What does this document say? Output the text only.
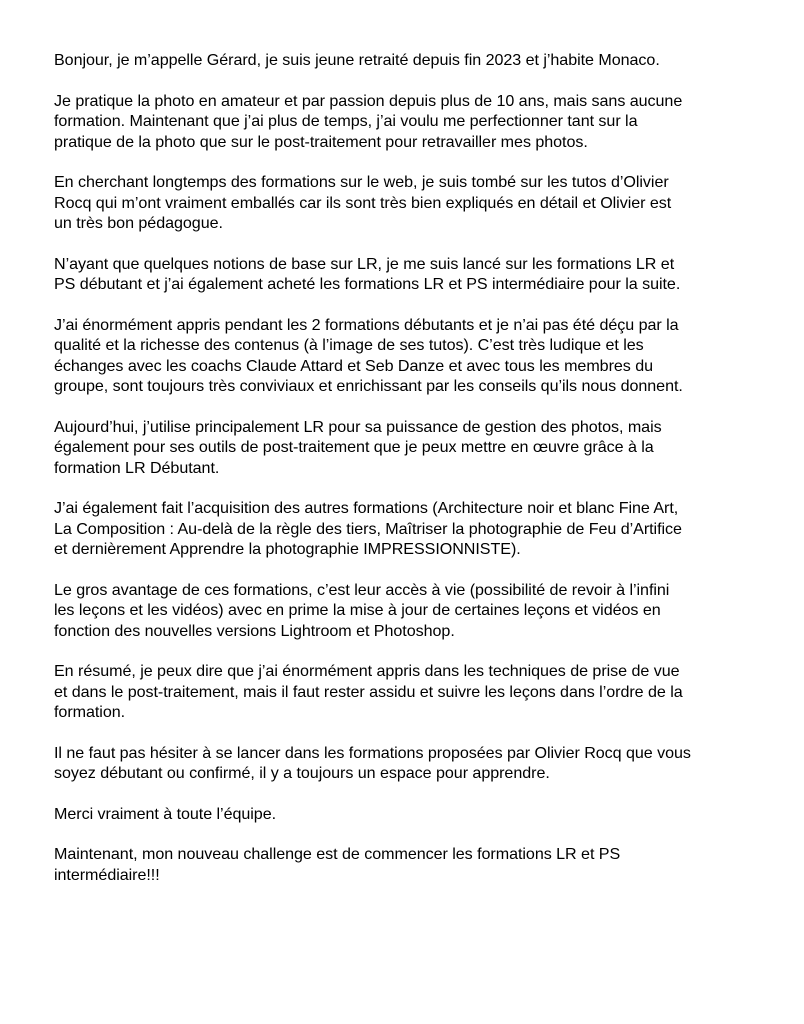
Bonjour, je m’appelle Gérard, je suis jeune retraité depuis fin 2023 et j’habite Monaco.

Je pratique la photo en amateur et par passion depuis plus de 10 ans, mais sans aucune
formation. Maintenant que j’ai plus de temps, j’ai voulu me perfectionner tant sur la
pratique de la photo que sur le post-traitement pour retravailler mes photos.

En cherchant longtemps des formations sur le web, je suis tombé sur les tutos d’Olivier
Rocq qui m’ont vraiment emballés car ils sont très bien expliqués en détail et Olivier est
un très bon pédagogue.

N’ayant que quelques notions de base sur LR, je me suis lancé sur les formations LR et
PS débutant et j’ai également acheté les formations LR et PS intermédiaire pour la suite.

J’ai énormément appris pendant les 2 formations débutants et je n’ai pas été déçu par la
qualité et la richesse des contenus (à l’image de ses tutos). C’est très ludique et les
échanges avec les coachs Claude Attard et Seb Danze et avec tous les membres du
groupe, sont toujours très conviviaux et enrichissant par les conseils qu’ils nous donnent.

Aujourd’hui, j’utilise principalement LR pour sa puissance de gestion des photos, mais
également pour ses outils de post-traitement que je peux mettre en œuvre grâce à la
formation LR Débutant.

J’ai également fait l’acquisition des autres formations (Architecture noir et blanc Fine Art,
La Composition : Au-delà de la règle des tiers, Maîtriser la photographie de Feu d’Artifice
et dernièrement Apprendre la photographie IMPRESSIONNISTE).

Le gros avantage de ces formations, c’est leur accès à vie (possibilité de revoir à l’infini
les leçons et les vidéos) avec en prime la mise à jour de certaines leçons et vidéos en
fonction des nouvelles versions Lightroom et Photoshop.

En résumé, je peux dire que j’ai énormément appris dans les techniques de prise de vue
et dans le post-traitement, mais il faut rester assidu et suivre les leçons dans l’ordre de la
formation.

Il ne faut pas hésiter à se lancer dans les formations proposées par Olivier Rocq que vous
soyez débutant ou confirmé, il y a toujours un espace pour apprendre.

Merci vraiment à toute l’équipe.

Maintenant, mon nouveau challenge est de commencer les formations LR et PS
intermédiaire!!!
